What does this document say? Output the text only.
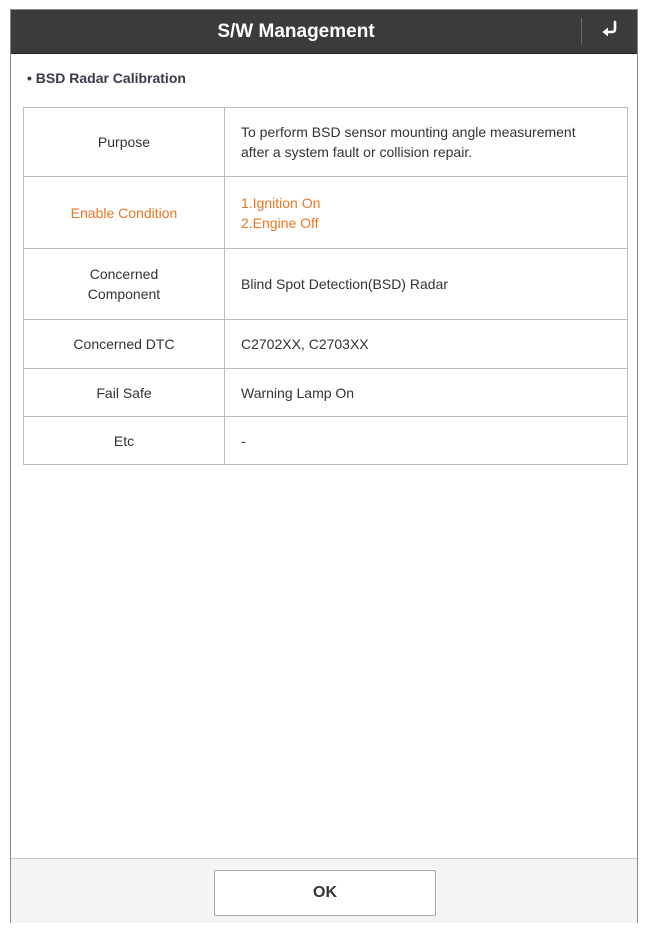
S/W Management
• BSD Radar Calibration
Purpose	To perform BSD sensor mounting angle measurement
after a system fault or collision repair.

Enable Condition	1.Ignition On
2.Engine Off

Concerned
Component	Blind Spot Detection(BSD) Radar

Concerned DTC	C2702XX, C2703XX

Fail Safe	Warning Lamp On

Etc	-
OK
